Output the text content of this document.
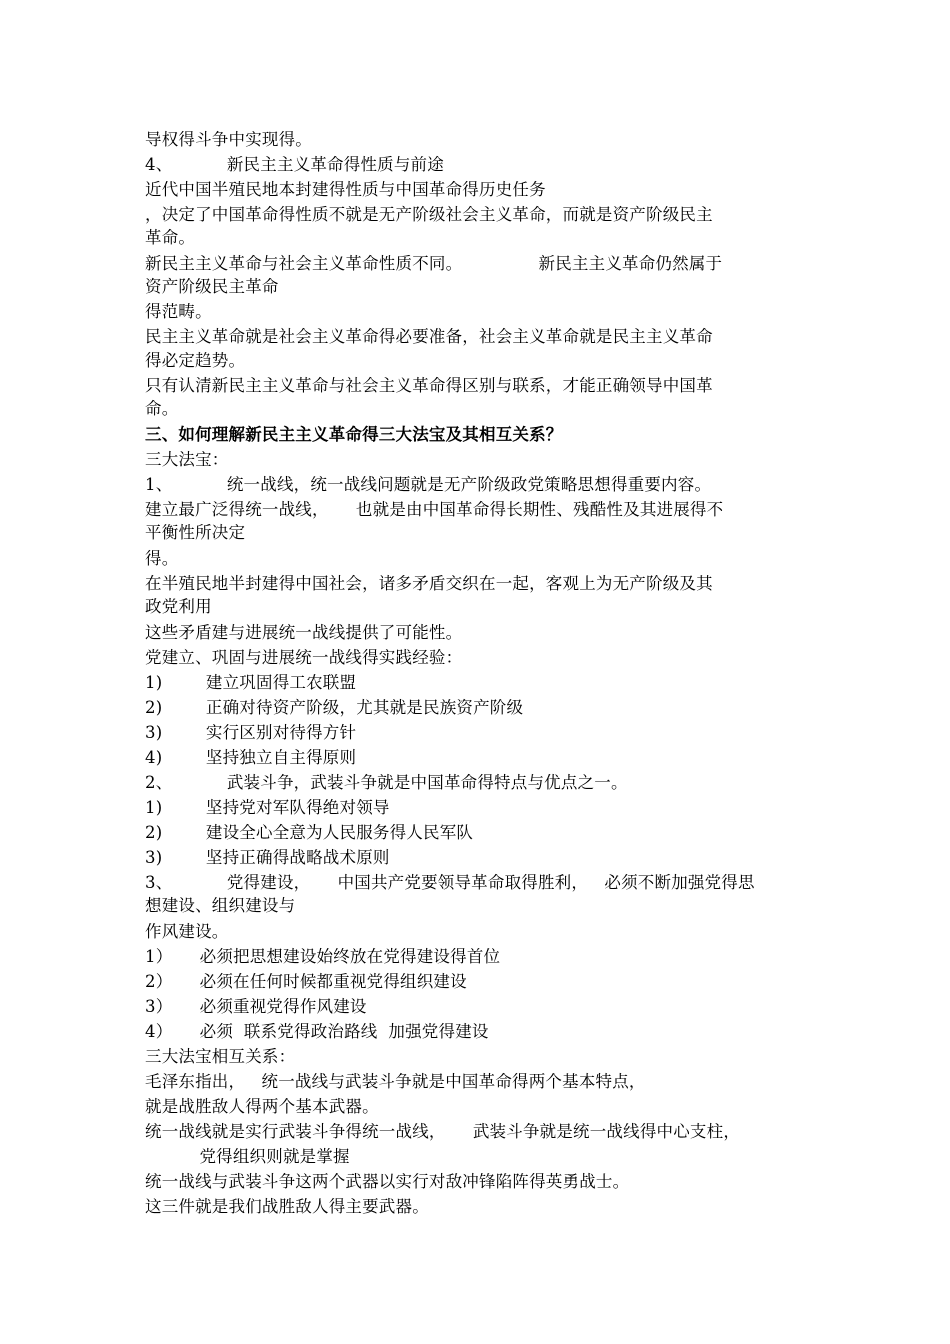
导权得斗争中实现得。

4、          新民主主义革命得性质与前途

近代中国半殖民地本封建得性质与中国革命得历史任务

，决定了中国革命得性质不就是无产阶级社会主义革命，而就是资产阶级民主

革命。

新民主主义革命与社会主义革命性质不同。              新民主主义革命仍然属于

资产阶级民主革命

得范畴。

民主主义革命就是社会主义革命得必要准备，社会主义革命就是民主主义革命

得必定趋势。

只有认清新民主主义革命与社会主义革命得区别与联系，才能正确领导中国革

命。

三、如何理解新民主主义革命得三大法宝及其相互关系？

三大法宝：

1、          统一战线，统一战线问题就是无产阶级政党策略思想得重要内容。

建立最广泛得统一战线，     也就是由中国革命得长期性、残酷性及其进展得不

平衡性所决定

得。

在半殖民地半封建得中国社会，诸多矛盾交织在一起，客观上为无产阶级及其

政党利用

这些矛盾建与进展统一战线提供了可能性。

党建立、巩固与进展统一战线得实践经验：

1)        建立巩固得工农联盟

2)        正确对待资产阶级，尤其就是民族资产阶级

3)        实行区别对待得方针

4)        坚持独立自主得原则

2、          武装斗争，武装斗争就是中国革命得特点与优点之一。

1)        坚持党对军队得绝对领导

2)        建设全心全意为人民服务得人民军队

3)        坚持正确得战略战术原则

3、          党得建设，     中国共产党要领导革命取得胜利，   必须不断加强党得思

想建设、组织建设与

作风建设。

1）     必须把思想建设始终放在党得建设得首位

2）     必须在任何时候都重视党得组织建设

3）     必须重视党得作风建设

4）     必须  联系党得政治路线  加强党得建设

三大法宝相互关系：

毛泽东指出，   统一战线与武装斗争就是中国革命得两个基本特点，

就是战胜敌人得两个基本武器。

统一战线就是实行武装斗争得统一战线，     武装斗争就是统一战线得中心支柱，

党得组织则就是掌握

统一战线与武装斗争这两个武器以实行对敌冲锋陷阵得英勇战士。

这三件就是我们战胜敌人得主要武器。
